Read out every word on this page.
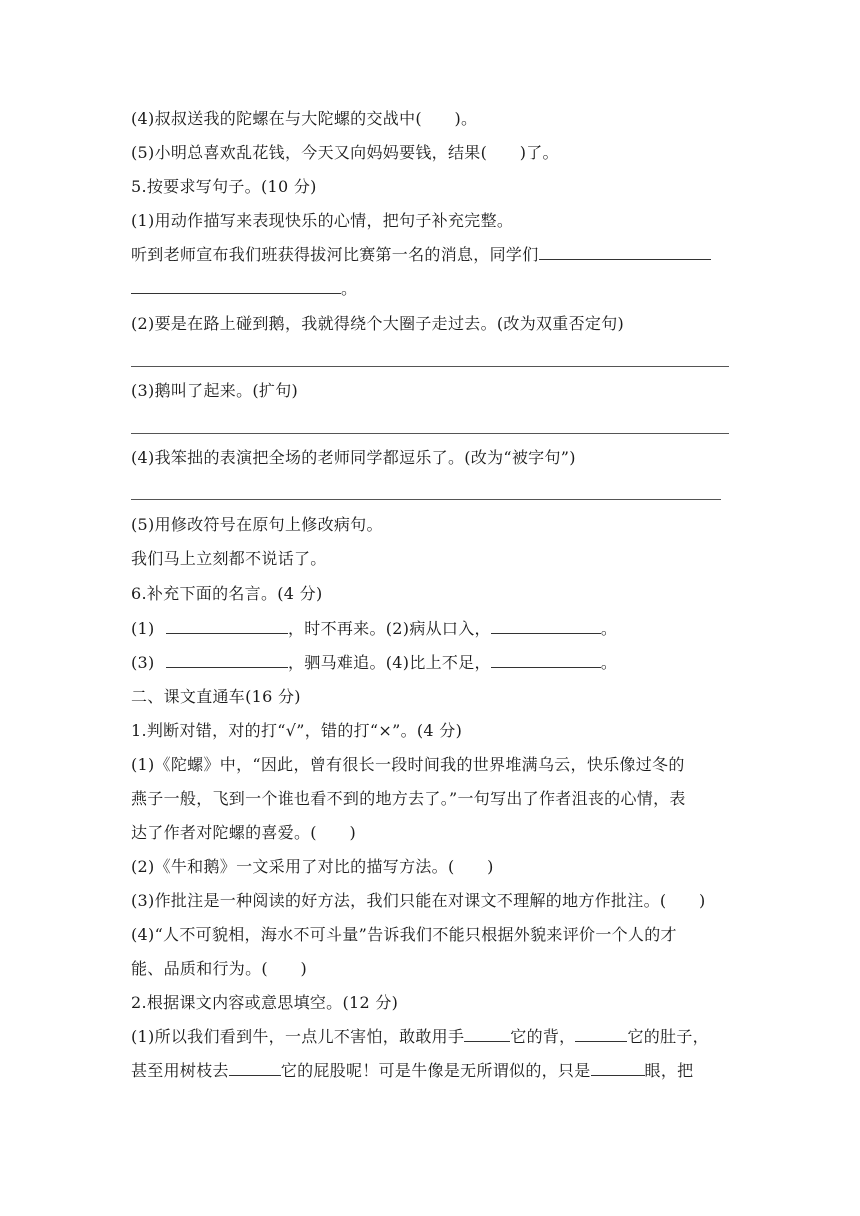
(4)叔叔送我的陀螺在与大陀螺的交战中(　　)。
(5)小明总喜欢乱花钱，今天又向妈妈要钱，结果(　　)了。
5.按要求写句子。(10 分)
(1)用动作描写来表现快乐的心情，把句子补充完整。
听到老师宣布我们班获得拔河比赛第一名的消息，同学们
。
(2)要是在路上碰到鹅，我就得绕个大圈子走过去。(改为双重否定句)
(3)鹅叫了起来。(扩句)
(4)我笨拙的表演把全场的老师同学都逗乐了。(改为“被字句”)
(5)用修改符号在原句上修改病句。
我们马上立刻都不说话了。
6.补充下面的名言。(4 分)
(1)	，时不再来。(2)病从口入，	。
(3)	，驷马难追。(4)比上不足，	。
二、课文直通车(16 分)
1.判断对错，对的打“√”，错的打“×”。(4 分)
(1)《陀螺》中，“因此，曾有很长一段时间我的世界堆满乌云，快乐像过冬的
燕子一般，飞到一个谁也看不到的地方去了。”一句写出了作者沮丧的心情，表
达了作者对陀螺的喜爱。(　　)
(2)《牛和鹅》一文采用了对比的描写方法。(　　)
(3)作批注是一种阅读的好方法，我们只能在对课文不理解的地方作批注。(　　)
(4)“人不可貌相，海水不可斗量”告诉我们不能只根据外貌来评价一个人的才
能、品质和行为。(　　)
2.根据课文内容或意思填空。(12 分)
(1)所以我们看到牛，一点儿不害怕，敢敢用手	它的背，	它的肚子，
甚至用树枝去	它的屁股呢！可是牛像是无所谓似的，只是	眼，把
